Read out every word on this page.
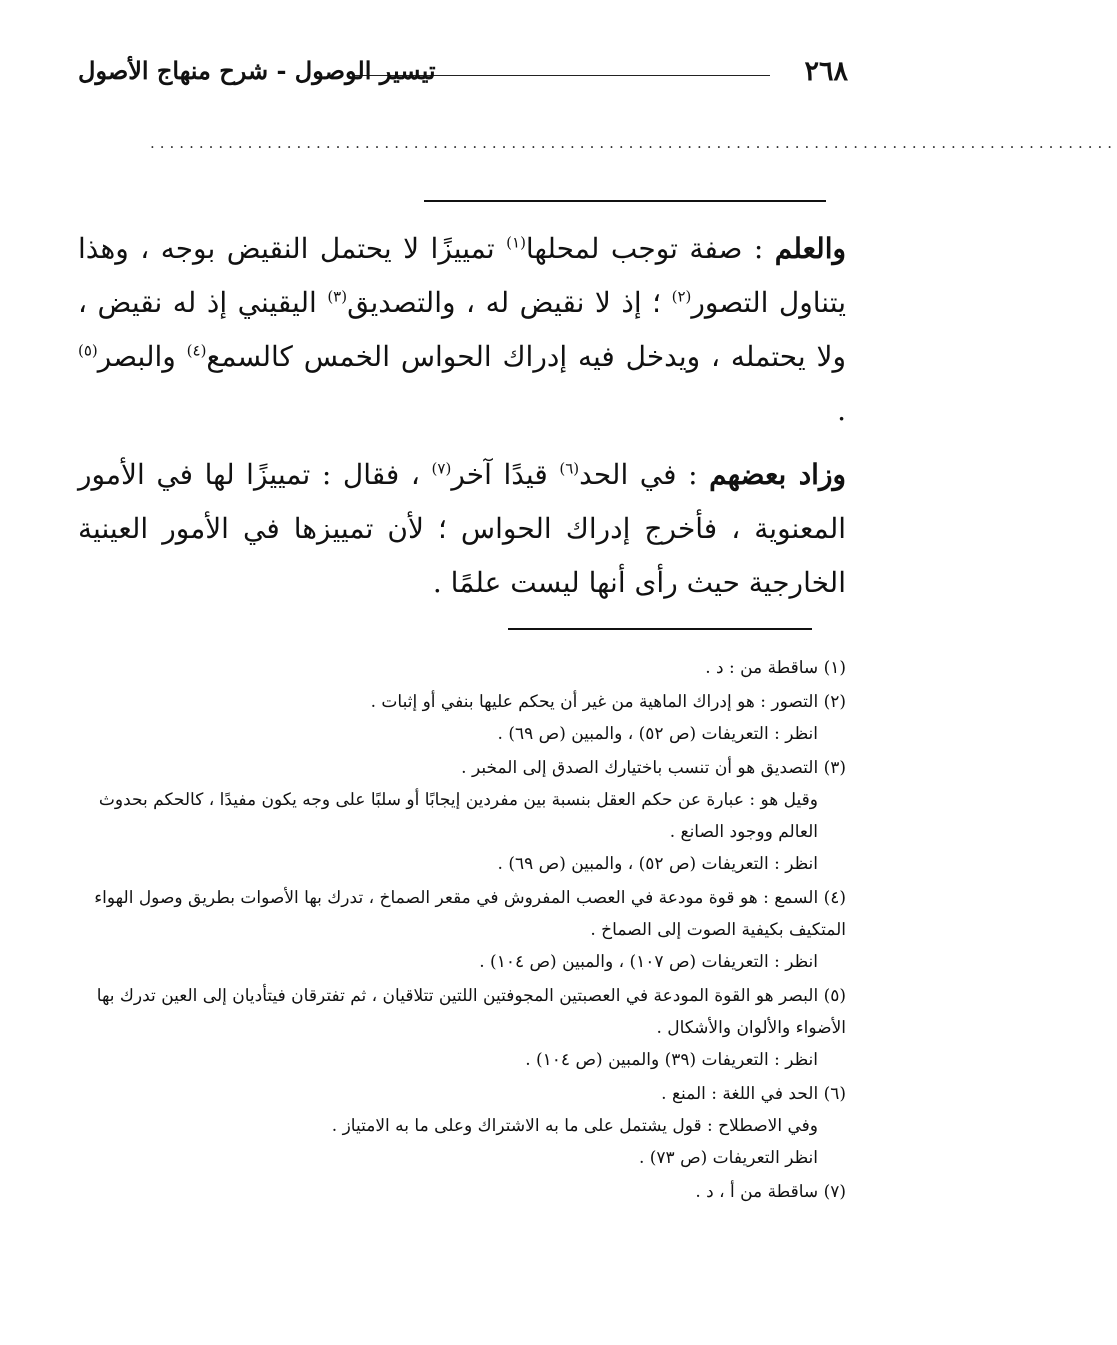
٢٦٨
تيسير الوصول - شرح منهاج الأصول
...................................................................................................

والعلم : صفة توجب لمحلها$^{(١)}$ تمييزًا لا يحتمل النقيض بوجه ، وهذا يتناول التصور$^{(٢)}$ ؛ إذ لا نقيض له ، والتصديق$^{(٣)}$ اليقيني إذ له نقيض ، ولا يحتمله ، ويدخل فيه إدراك الحواس الخمس كالسمع$^{(٤)}$ والبصر$^{(٥)}$ .

وزاد بعضهم : في الحد$^{(٦)}$ قيدًا آخر$^{(٧)}$ ، فقال : تمييزًا لها في الأمور المعنوية ، فأخرج إدراك الحواس ؛ لأن تمييزها في الأمور العينية الخارجية حيث رأى أنها ليست علمًا .

(١) ساقطة من : د .
(٢) التصور : هو إدراك الماهية من غير أن يحكم عليها بنفي أو إثبات .
انظر : التعريفات (ص ٥٢) ، والمبين (ص ٦٩) .
(٣) التصديق هو أن تنسب باختيارك الصدق إلى المخبر .
وقيل هو : عبارة عن حكم العقل بنسبة بين مفردين إيجابًا أو سلبًا على وجه يكون مفيدًا ، كالحكم بحدوث العالم ووجود الصانع .
انظر : التعريفات (ص ٥٢) ، والمبين (ص ٦٩) .
(٤) السمع : هو قوة مودعة في العصب المفروش في مقعر الصماخ ، تدرك بها الأصوات بطريق وصول الهواء المتكيف بكيفية الصوت إلى الصماخ .
انظر : التعريفات (ص ١٠٧) ، والمبين (ص ١٠٤) .
(٥) البصر هو القوة المودعة في العصبتين المجوفتين اللتين تتلاقيان ، ثم تفترقان فيتأديان إلى العين تدرك بها الأضواء والألوان والأشكال .
انظر : التعريفات (٣٩) والمبين (ص ١٠٤) .
(٦) الحد في اللغة : المنع .
وفي الاصطلاح : قول يشتمل على ما به الاشتراك وعلى ما به الامتياز .
انظر التعريفات (ص ٧٣) .
(٧) ساقطة من أ ، د .
